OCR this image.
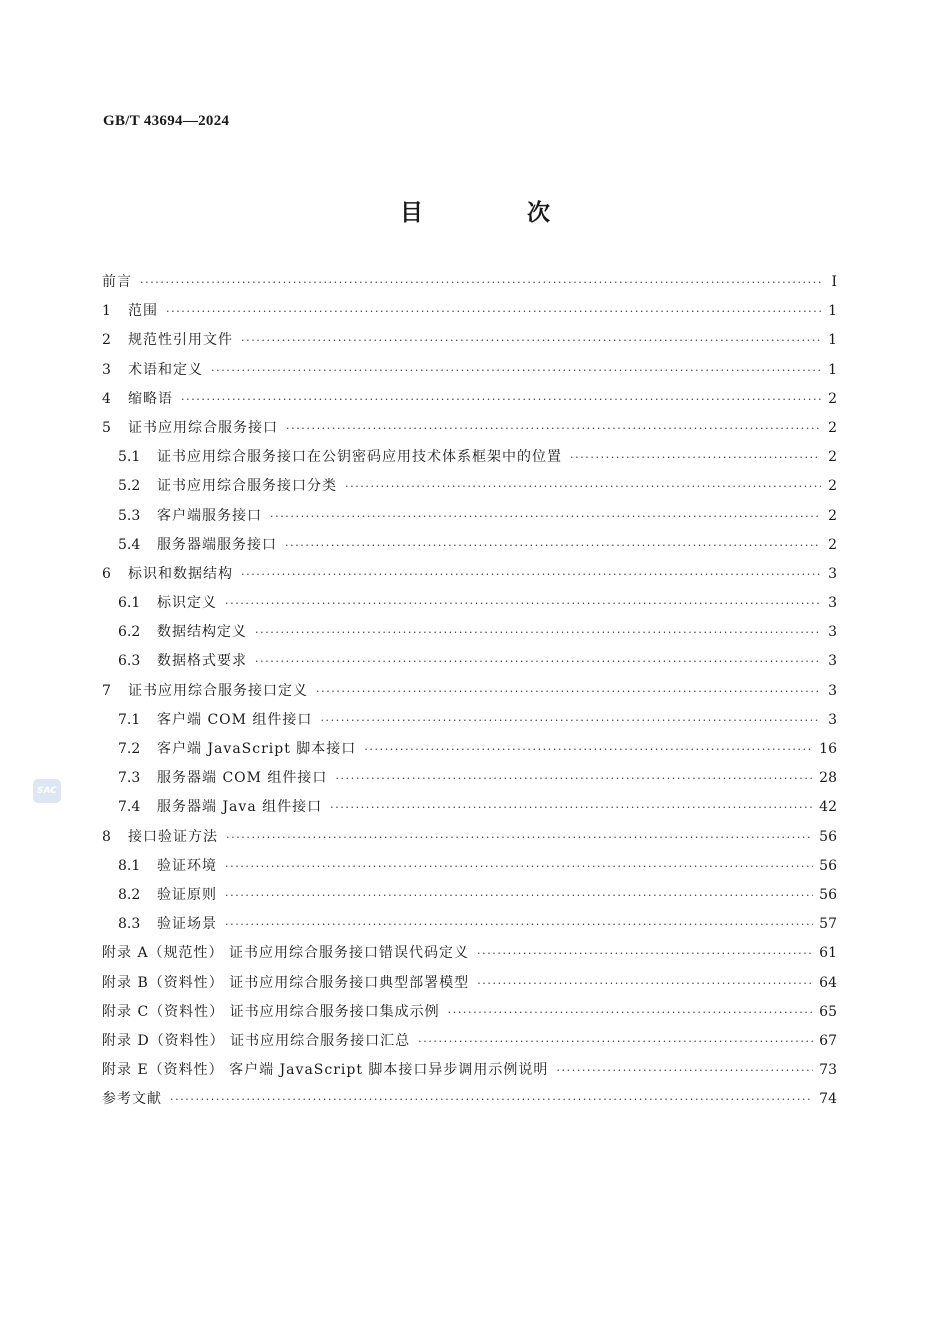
GB/T 43694—2024
目 次
SAC
前言 ·····	Ⅰ
1	范围 ·····	1
2	规范性引用文件 ·····	1
3	术语和定义 ·····	1
4	缩略语 ·····	2
5	证书应用综合服务接口 ·····	2
5.1	证书应用综合服务接口在公钥密码应用技术体系框架中的位置 ·····	2
5.2	证书应用综合服务接口分类 ·····	2
5.3	客户端服务接口 ·····	2
5.4	服务器端服务接口 ·····	2
6	标识和数据结构 ·····	3
6.1	标识定义 ·····	3
6.2	数据结构定义 ·····	3
6.3	数据格式要求 ·····	3
7	证书应用综合服务接口定义 ·····	3
7.1	客户端 COM 组件接口 ·····	3
7.2	客户端 JavaScript 脚本接口 ·····	16
7.3	服务器端 COM 组件接口 ·····	28
7.4	服务器端 Java 组件接口 ·····	42
8	接口验证方法 ·····	56
8.1	验证环境 ·····	56
8.2	验证原则 ·····	56
8.3	验证场景 ·····	57
附录 A（规范性） 证书应用综合服务接口错误代码定义 ·····	61
附录 B（资料性） 证书应用综合服务接口典型部署模型 ·····	64
附录 C（资料性） 证书应用综合服务接口集成示例 ·····	65
附录 D（资料性） 证书应用综合服务接口汇总 ·····	67
附录 E（资料性） 客户端 JavaScript 脚本接口异步调用示例说明 ·····	73
参考文献 ·····	74
